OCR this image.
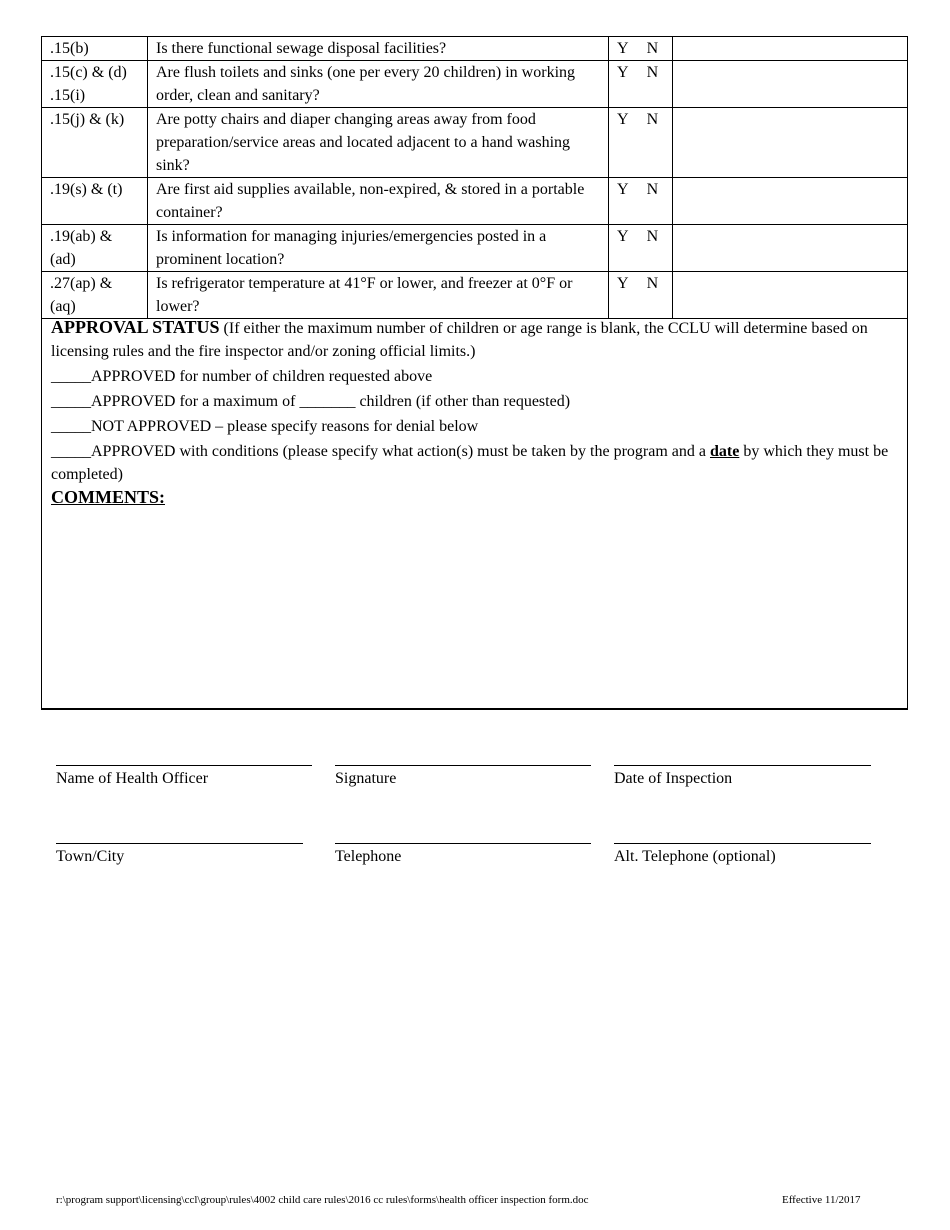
.15(b)	Is there functional sewage disposal facilities?	Y N	
.15(c) & (d) .15(i)	Are flush toilets and sinks (one per every 20 children) in working order, clean and sanitary?	Y N	
.15(j) & (k)	Are potty chairs and diaper changing areas away from food preparation/service areas and located adjacent to a hand washing sink?	Y N	
.19(s) & (t)	Are first aid supplies available, non-expired, & stored in a portable container?	Y N	
.19(ab) & (ad)	Is information for managing injuries/emergencies posted in a prominent location?	Y N	
.27(ap) & (aq)	Is refrigerator temperature at 41°F or lower, and freezer at 0°F or lower?	Y N	

APPROVAL STATUS (If either the maximum number of children or age range is blank, the CCLU will determine based on licensing rules and the fire inspector and/or zoning official limits.)

_____APPROVED for number of children requested above

_____APPROVED for a maximum of _______ children (if other than requested)

_____NOT APPROVED – please specify reasons for denial below

_____APPROVED with conditions (please specify what action(s) must be taken by the program and a date by which they must be completed)

COMMENTS:

Name of Health Officer	Signature	Date of Inspection
Town/City	Telephone	Alt. Telephone (optional)
r:\program support\licensing\ccl\group\rules\4002 child care rules\2016 cc rules\forms\health officer inspection form.doc	Effective 11/2017
